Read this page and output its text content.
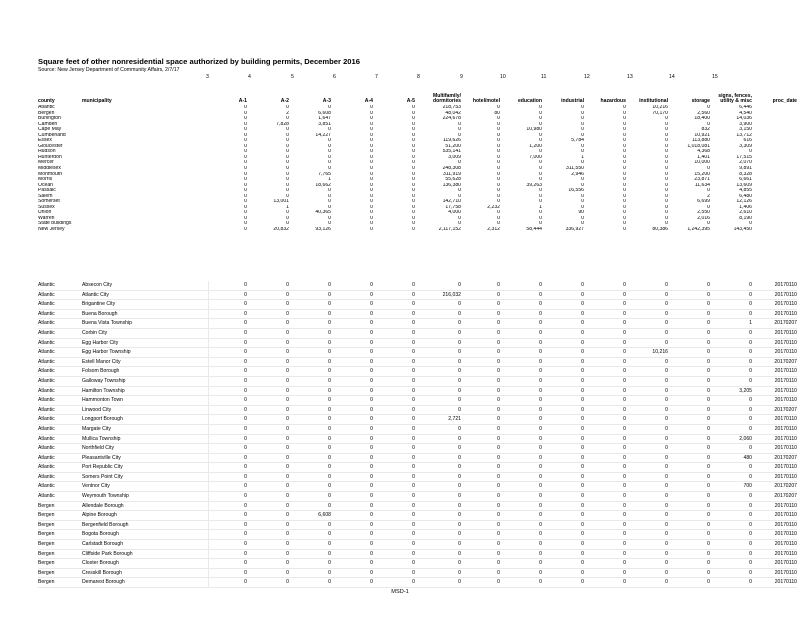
Square feet of other nonresidential space authorized by building permits, December 2016
Source: New Jersey Department of Community Affairs, 2/7/17
3	4	5	6	7	8	9	10	11	12	13	14	15
county	municipality	A-1	A-2	A-3	A-4	A-5	Multifamily/
dormitories	hotel/motel	education	industrial	hazardous	institutional	storage	signs, fences,
utility & misc	proc_date
Atlantic		0	0	0	0	0	218,753	0	0	0	0	10,216	0	6,446	
Bergen		0	2	6,608	0	0	48,042	80	0	0	0	70,170	2,560	4,540	
Burlington		0	0	1,647	0	0	224,678	0	0	0	0	0	18,400	14,036	
Camden		0	7,828	3,851	0	0	0	0	0	0	0	0	0	3,900	
Cape May		0	0	0	0	0	0	0	10,980	0	0	0	832	3,150	
Cumberland		0	0	14,227	0	0	0	0	0	0	0	0	10,921	13,712	
Essex		0	0	0	0	0	119,626	0	0	5,784	0	0	113,880	616	
Gloucester		0	0	0	0	0	51,200	0	1,200	0	0	0	1,018,081	3,309	
Hudson		0	0	0	0	0	535,141	0	0	0	0	0	4,368	0	
Hunterdon		0	0	0	0	0	3,009	0	7,000	1	0	0	1,401	17,515	
Mercer		0	0	0	0	0	0	0	0	0	0	0	10,000	2,070	
Middlesex		0	0	0	0	0	248,308	0	0	311,550	0	0	0	9,891	
Monmouth		0	0	7,765	0	0	311,919	0	0	2,946	0	0	15,200	8,328	
Morris		0	0	1	0	0	55,628	0	0	0	0	0	23,871	6,661	
Ocean		0	0	18,662	0	0	136,380	0	39,263	0	0	0	11,634	13,609	
Passaic		0	0	0	0	0	0	0	0	16,556	0	0	0	4,855	
Salem		0	0	0	0	0	0	0	0	0	0	0	2	6,480	
Somerset		0	13,001	0	0	0	142,710	0	0	0	0	0	6,699	12,126	
Sussex		0	1	0	0	0	17,758	2,232	1	0	0	0	0	1,406	
Union		0	0	40,365	0	0	4,000	0	0	90	0	0	2,550	2,610	
Warren		0	0	0	0	0	0	0	0	0	0	0	2,016	8,190	
State buildings		0	0	0	0	0	0	0	0	0	0	0	0	0	
New Jersey		0	20,832	93,126	0	0	2,117,152	2,312	58,444	336,927	0	80,386	1,242,395	143,450	
Atlantic	Absecon City	0	0	0	0	0	0	0	0	0	0	0	0	0	20170110
Atlantic	Atlantic City	0	0	0	0	0	216,032	0	0	0	0	0	0	0	20170110
Atlantic	Brigantine City	0	0	0	0	0	0	0	0	0	0	0	0	0	20170110
Atlantic	Buena Borough	0	0	0	0	0	0	0	0	0	0	0	0	0	20170110
Atlantic	Buena Vista Township	0	0	0	0	0	0	0	0	0	0	0	0	1	20170207
Atlantic	Corbin City	0	0	0	0	0	0	0	0	0	0	0	0	0	20170110
Atlantic	Egg Harbor City	0	0	0	0	0	0	0	0	0	0	0	0	0	20170110
Atlantic	Egg Harbor Township	0	0	0	0	0	0	0	0	0	0	10,216	0	0	20170110
Atlantic	Estell Manor City	0	0	0	0	0	0	0	0	0	0	0	0	0	20170207
Atlantic	Folsom Borough	0	0	0	0	0	0	0	0	0	0	0	0	0	20170110
Atlantic	Galloway Township	0	0	0	0	0	0	0	0	0	0	0	0	0	20170110
Atlantic	Hamilton Township	0	0	0	0	0	0	0	0	0	0	0	0	3,205	20170110
Atlantic	Hammonton Town	0	0	0	0	0	0	0	0	0	0	0	0	0	20170110
Atlantic	Linwood City	0	0	0	0	0	0	0	0	0	0	0	0	0	20170207
Atlantic	Longport Borough	0	0	0	0	0	2,721	0	0	0	0	0	0	0	20170110
Atlantic	Margate City	0	0	0	0	0	0	0	0	0	0	0	0	0	20170110
Atlantic	Mullica Township	0	0	0	0	0	0	0	0	0	0	0	0	2,060	20170110
Atlantic	Northfield City	0	0	0	0	0	0	0	0	0	0	0	0	0	20170110
Atlantic	Pleasantville City	0	0	0	0	0	0	0	0	0	0	0	0	480	20170207
Atlantic	Port Republic City	0	0	0	0	0	0	0	0	0	0	0	0	0	20170110
Atlantic	Somers Point City	0	0	0	0	0	0	0	0	0	0	0	0	0	20170110
Atlantic	Ventnor City	0	0	0	0	0	0	0	0	0	0	0	0	700	20170207
Atlantic	Weymouth Township	0	0	0	0	0	0	0	0	0	0	0	0	0	20170207
Bergen	Allendale Borough	0	0	0	0	0	0	0	0	0	0	0	0	0	20170110
Bergen	Alpine Borough	0	0	6,608	0	0	0	0	0	0	0	0	0	0	20170110
Bergen	Bergenfield Borough	0	0	0	0	0	0	0	0	0	0	0	0	0	20170110
Bergen	Bogota Borough	0	0	0	0	0	0	0	0	0	0	0	0	0	20170110
Bergen	Carlstadt Borough	0	0	0	0	0	0	0	0	0	0	0	0	0	20170110
Bergen	Cliffside Park Borough	0	0	0	0	0	0	0	0	0	0	0	0	0	20170110
Bergen	Closter Borough	0	0	0	0	0	0	0	0	0	0	0	0	0	20170110
Bergen	Cresskill Borough	0	0	0	0	0	0	0	0	0	0	0	0	0	20170110
Bergen	Demarest Borough	0	0	0	0	0	0	0	0	0	0	0	0	0	20170110
MSD-1
